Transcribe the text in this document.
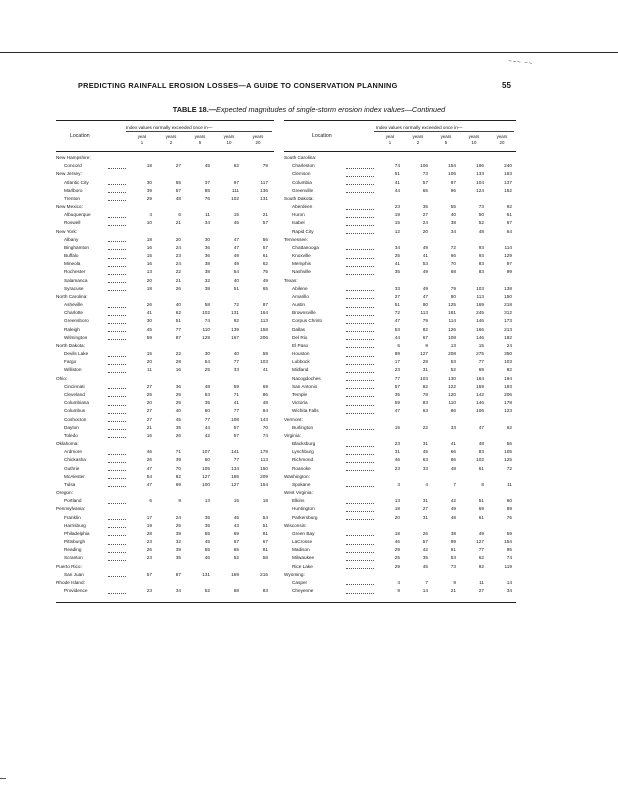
~~~ ~~
PREDICTING RAINFALL EROSION LOSSES—A GUIDE TO CONSERVATION PLANNING	55
TABLE 18.—Expected magnitudes of single-storm erosion index values—Continued
Location
Index values normally exceeded once in—
year
1
years
2
years
5
years
10
years
20
New Hampshire:
Concord	18	27	45	62	79
New Jersey:
Atlantic City	30	55	37	97	117
Marlboro	39	57	85	111	136
Trenton	29	48	76	102	131
New Mexico:
Albuquerque	4	6	11	15	21
Roswell	10	21	34	45	57
New York:
Albany	18	20	30	47	56
Binghamton	16	24	36	47	57
Buffalo	15	23	36	49	61
Mineola	16	24	38	49	62
Rochester	13	22	38	54	75
Salamanca	20	21	32	40	49
Syracuse	18	26	38	51	65
North Carolina:
Asheville	26	40	58	72	87
Charlotte	41	62	102	131	164
Greensboro	30	51	74	92	113
Raleigh	45	77	110	139	158
Wilmington	59	87	129	167	206
North Dakota:
Devils Lake	15	22	30	40	59
Fargo	20	28	54	77	103
Williston	11	16	25	33	41
Ohio:
Cincinnati	27	36	48	59	69
Cleveland	25	25	53	71	86
Columbiana	20	25	35	41	48
Columbus	27	40	60	77	94
Coshocton	27	45	77	108	143
Dayton	21	35	44	57	70
Toledo	16	26	42	57	74
Oklahoma:
Ardmore	46	71	107	141	179
Chickasha	26	39	60	77	113
Guthrie	47	70	105	134	150
McAlester	54	82	127	165	209
Tulsa	47	69	100	127	154
Oregon:
Portland	6	9	13	15	18
Pennsylvania:
Franklin	17	24	35	45	54
Harrisburg	19	25	35	43	51
Philadelphia	28	39	55	69	81
Pittsburgh	23	32	45	57	67
Reading	26	39	55	65	81
Scranton	23	35	46	52	58
Puerto Rico:
San Juan	57	87	131	169	216
Rhode Island:
Providence	23	34	52	68	83
Location
Index values normally exceeded once in—
year
1
years
2
years
5
years
10
years
20
South Carolina:
Charleston	74	106	154	196	240
Clemson	51	73	106	133	163
Columbia	41	57	87	104	137
Greenville	44	65	96	124	152
South Dakota:
Aberdeen	23	35	55	73	92
Huron	19	27	40	50	61
Isabel	15	24	38	52	67
Rapid City	12	20	34	48	64
Tennessee:
Chattanooga	34	49	72	93	114
Knoxville	25	41	66	93	129
Memphis	41	53	70	83	97
Nashville	35	49	68	83	99
Texas:
Abilene	33	49	79	103	138
Amarillo	27	47	80	113	150
Austin	51	80	125	169	218
Brownsville	72	113	181	245	312
Corpus Christi	47	79	114	146	173
Dallas	53	82	126	166	213
Del Rio	44	67	108	146	182
El Paso	6	9	13	15	24
Houston	89	127	208	275	350
Lubbock	17	29	53	77	103
Midland	23	31	52	69	82
Nacogdoches	77	103	130	164	194
San Antonio	57	82	122	159	193
Temple	35	78	120	142	206
Victoria	59	83	110	146	178
Wichita Falls	47	63	86	106	123
Vermont:
Burlington	15	22	33	47	62
Virginia:
Blacksburg	23	31	41	48	56
Lynchburg	31	45	66	83	105
Richmond	46	63	86	102	125
Roanoke	23	33	48	61	72
Washington:
Spokane	3	4	7	8	11
West Virginia:
Elkins	13	31	42	51	60
Huntington	18	27	49	69	89
Parkersburg	20	31	48	61	76
Wisconsin:
Green Bay	18	26	38	49	59
LaCrosse	46	57	99	127	154
Madison	29	42	61	77	95
Milwaukee	25	35	53	62	74
Rice Lake	29	45	73	92	119
Wyoming:
Casper	4	7	9	11	14
Cheyenne	9	14	21	27	34
